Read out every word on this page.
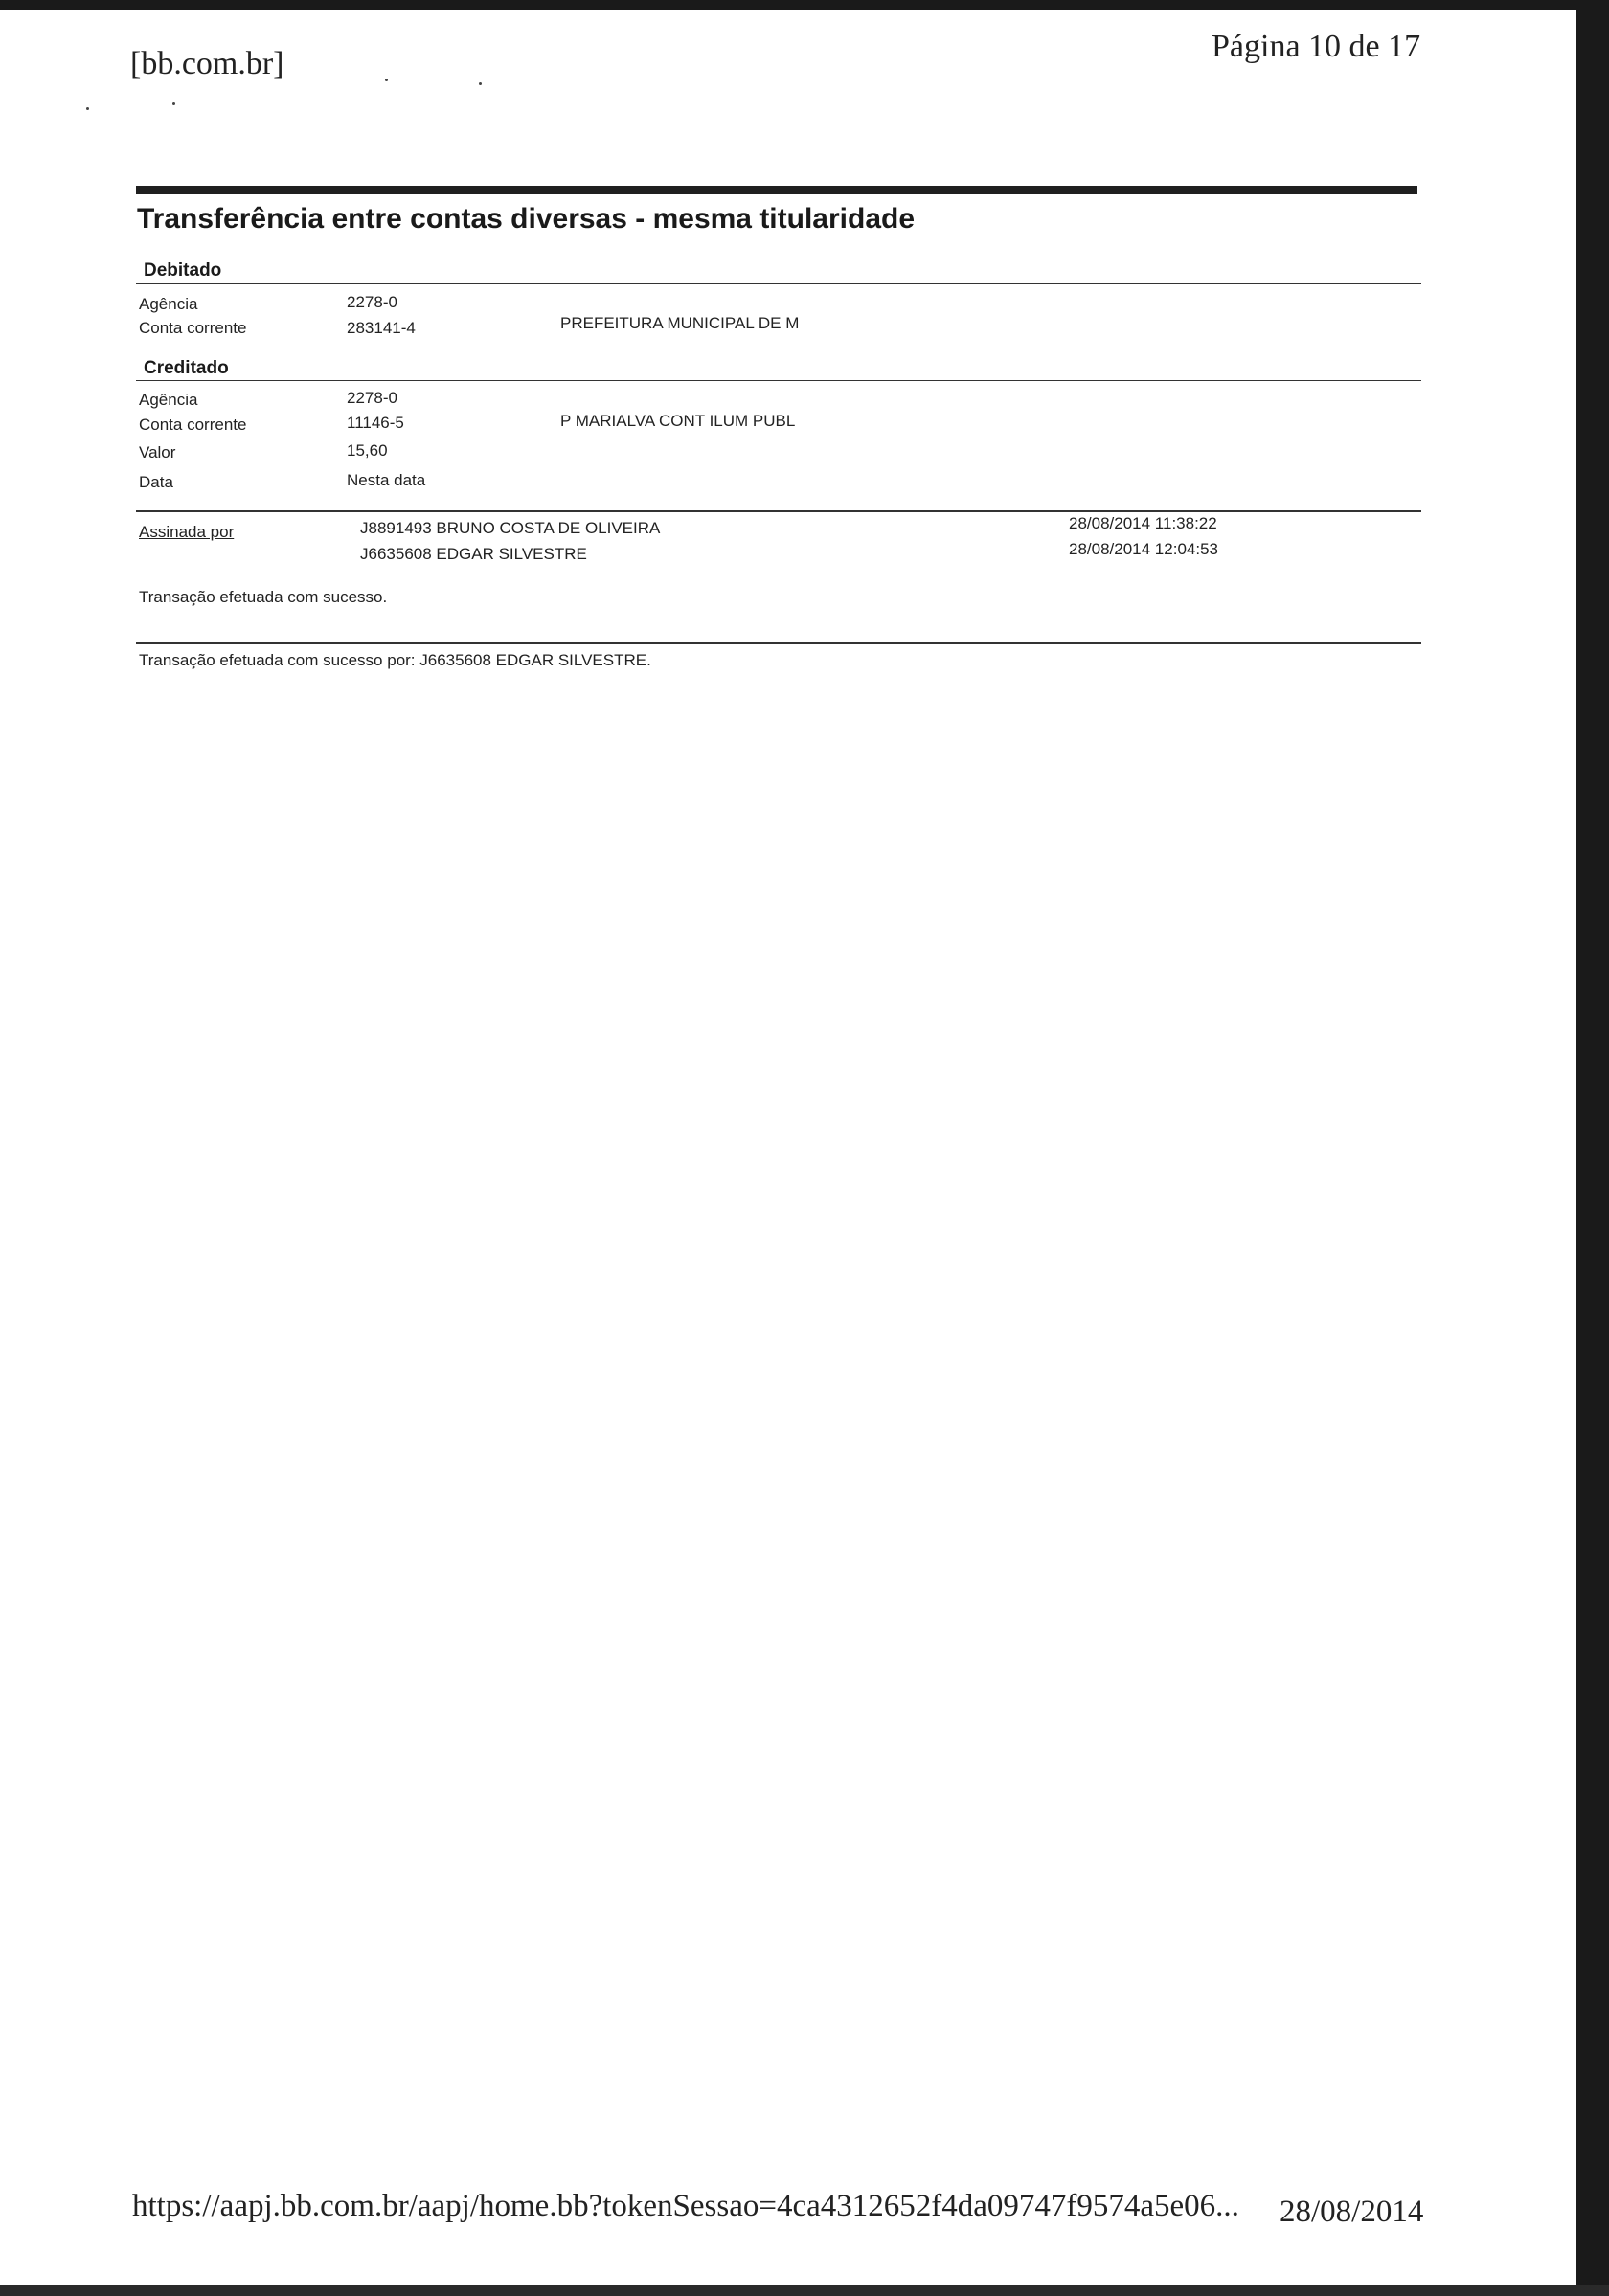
[bb.com.br]	Página 10 de 17
Transferência entre contas diversas - mesma titularidade
Debitado
Agência	2278-0
Conta corrente	283141-4	PREFEITURA MUNICIPAL DE M
Creditado
Agência	2278-0
Conta corrente	11146-5	P MARIALVA CONT ILUM PUBL
Valor	15,60
Data	Nesta data
Assinada por	J8891493 BRUNO COSTA DE OLIVEIRA	28/08/2014 11:38:22
J6635608 EDGAR SILVESTRE	28/08/2014 12:04:53
Transação efetuada com sucesso.
Transação efetuada com sucesso por: J6635608 EDGAR SILVESTRE.
https://aapj.bb.com.br/aapj/home.bb?tokenSessao=4ca43126​52f4da09747f9574a5e06... 28/08/2014
